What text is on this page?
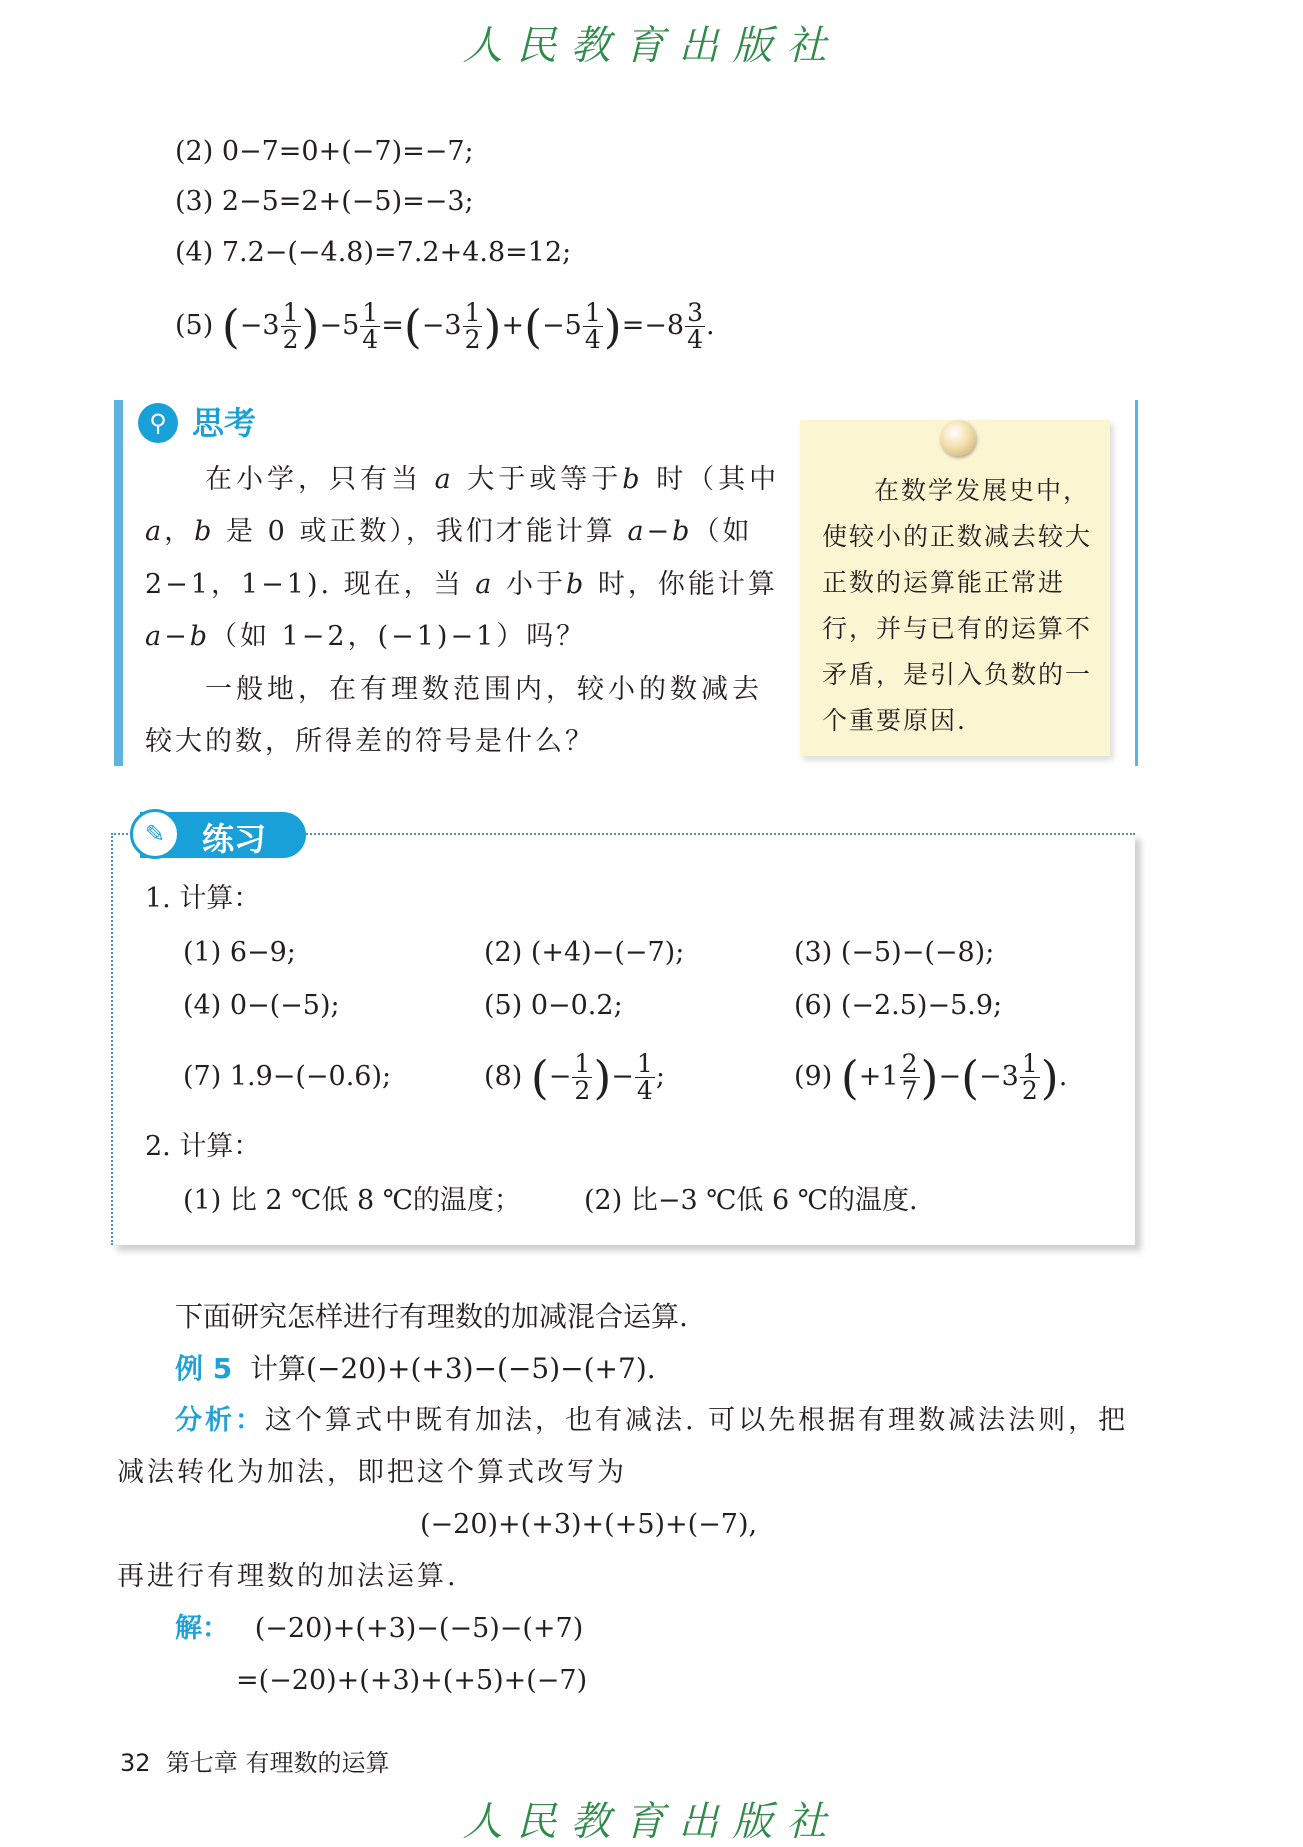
人民教育出版社
(2) 0−7=0+(−7)=−7;
(3) 2−5=2+(−5)=−3;
(4) 7.2−(−4.8)=7.2+4.8=12;
(5) $(-3 \frac{1}{2} )-5 \frac{1}{4} =(-3 \frac{1}{2} )+(-5 \frac{1}{4} )=-8 \frac{3}{4}$ .
⚲ 思考
在小学，只有当 a 大于或等于b 时（其中
a，b 是 0 或正数），我们才能计算 a−b（如
2−1，1−1). 现在，当 a 小于b 时，你能计算
a−b（如 1−2，(−1)−1）吗？
一般地，在有理数范围内，较小的数减去
较大的数，所得差的符号是什么？
在数学发展史中，
使较小的正数减去较大
正数的运算能正常进
行，并与已有的运算不
矛盾，是引入负数的一
个重要原因.
✎	练习
1. 计算：
(1) 6−9;	(2) (+4)−(−7);	(3) (−5)−(−8);
(4) 0−(−5);	(5) 0−0.2;	(6) (−2.5)−5.9;
(7) 1.9−(−0.6);	(8) (− $\frac{1}{2}$ )− $\frac{1}{4}$ ;	(9) $(+1 \frac{2}{7} )-(-3 \frac{1}{2}$ ).
2. 计算：
(1) 比 2 ℃低 8 ℃的温度； (2) 比−3 ℃低 6 ℃的温度.
下面研究怎样进行有理数的加减混合运算.
例 5 计算(−20)+(+3)−(−5)−(+7).
分析：这个算式中既有加法，也有减法. 可以先根据有理数减法法则，把
减法转化为加法，即把这个算式改写为
(−20)+(+3)+(+5)+(−7),
再进行有理数的加法运算.
解： (−20)+(+3)−(−5)−(+7)
=(−20)+(+3)+(+5)+(−7)
32 第七章 有理数的运算
人民教育出版社
